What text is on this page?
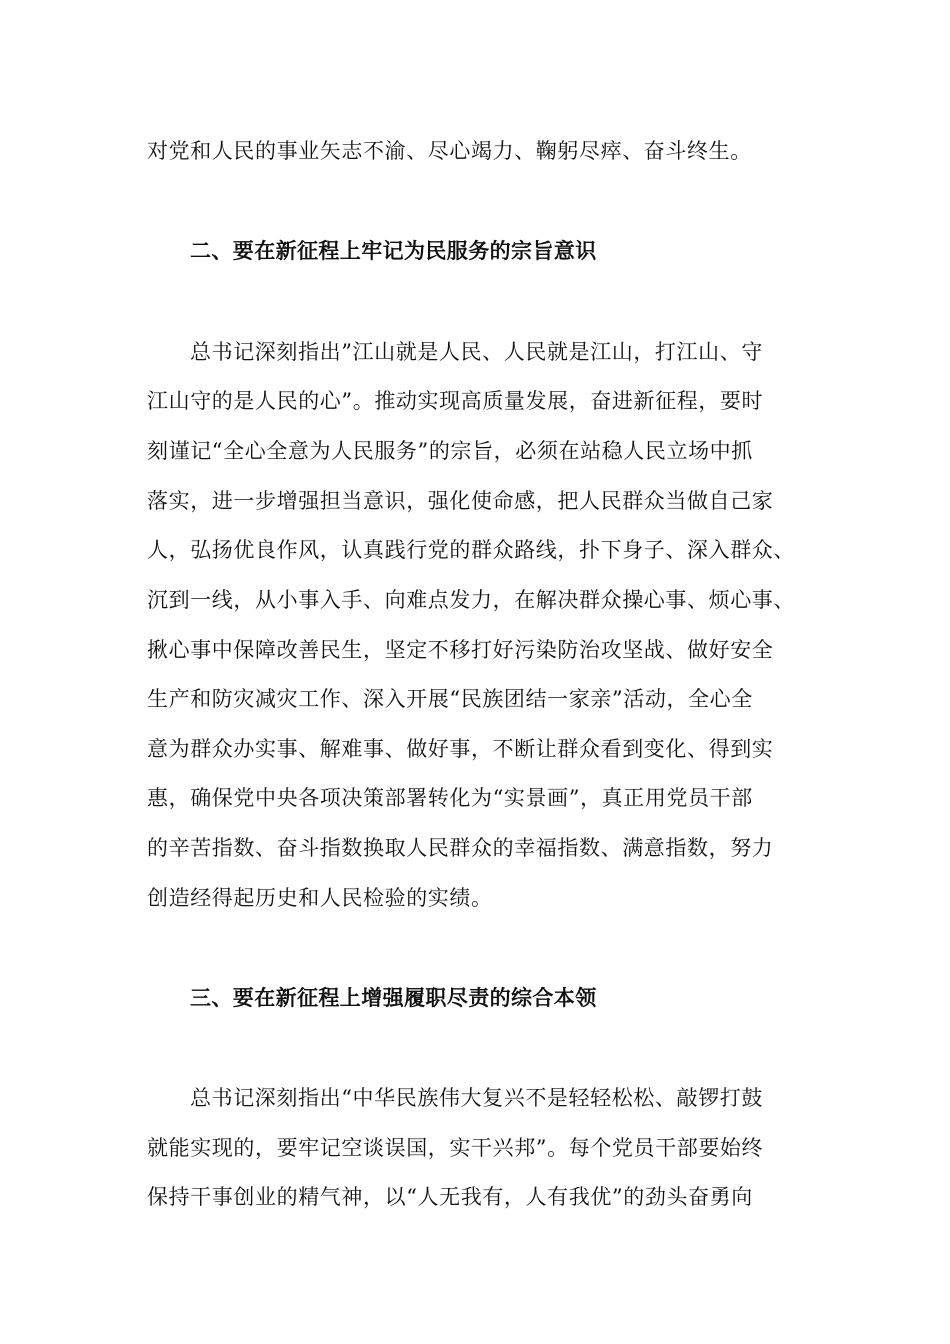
对党和人民的事业矢志不渝、尽心竭力、鞠躬尽瘁、奋斗终生。
二、要在新征程上牢记为民服务的宗旨意识
总书记深刻指出”江山就是人民、人民就是江山，打江山、守
江山守的是人民的心”。推动实现高质量发展，奋进新征程，要时
刻谨记“全心全意为人民服务”的宗旨，必须在站稳人民立场中抓
落实，进一步增强担当意识，强化使命感，把人民群众当做自己家
人，弘扬优良作风，认真践行党的群众路线，扑下身子、深入群众、
沉到一线，从小事入手、向难点发力，在解决群众操心事、烦心事、
揪心事中保障改善民生，坚定不移打好污染防治攻坚战、做好安全
生产和防灾减灾工作、深入开展“民族团结一家亲”活动，全心全
意为群众办实事、解难事、做好事，不断让群众看到变化、得到实
惠，确保党中央各项决策部署转化为“实景画”，真正用党员干部
的辛苦指数、奋斗指数换取人民群众的幸福指数、满意指数，努力
创造经得起历史和人民检验的实绩。
三、要在新征程上增强履职尽责的综合本领
总书记深刻指出“中华民族伟大复兴不是轻轻松松、敲锣打鼓
就能实现的，要牢记空谈误国，实干兴邦”。每个党员干部要始终
保持干事创业的精气神，以“人无我有，人有我优”的劲头奋勇向
